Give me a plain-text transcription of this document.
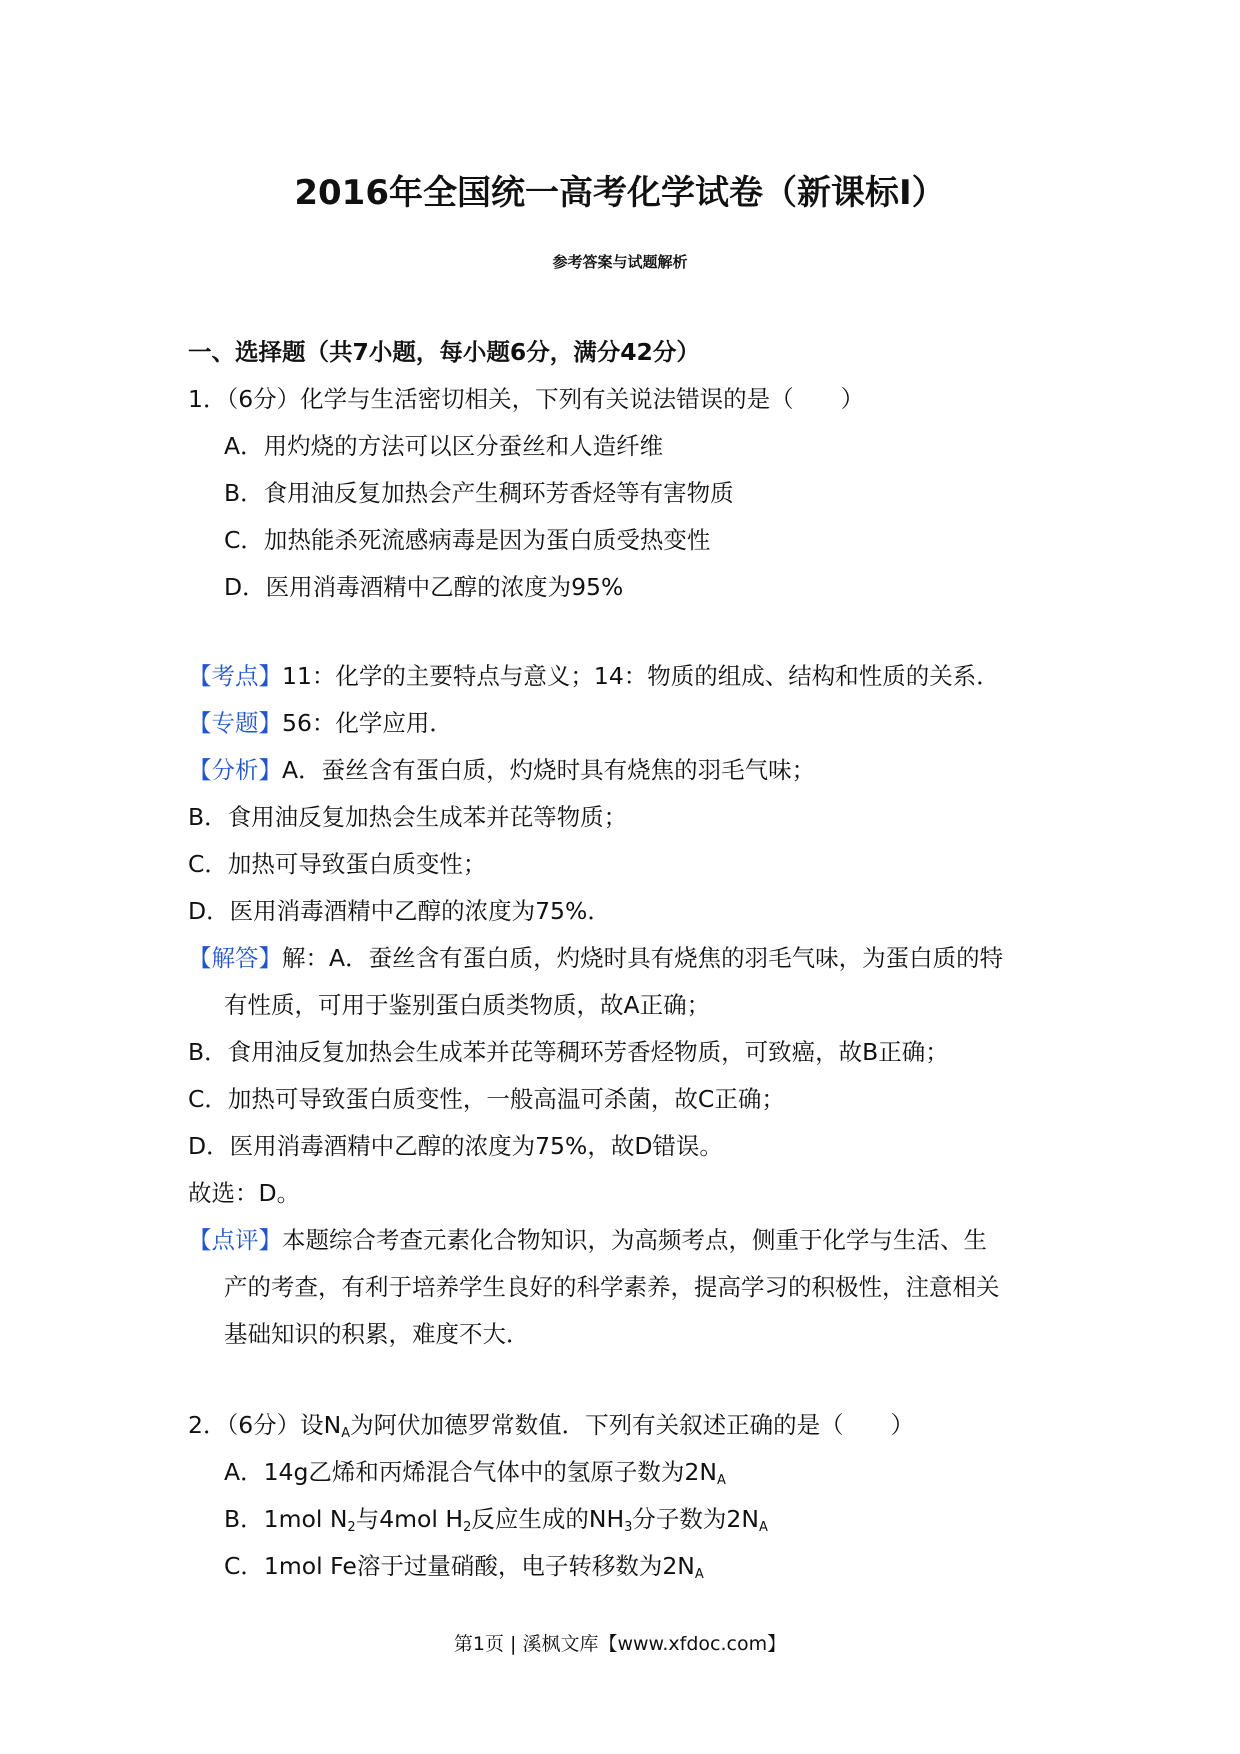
2016年全国统一高考化学试卷（新课标Ⅰ）
参考答案与试题解析
一、选择题（共7小题，每小题6分，满分42分）
1．（6分）化学与生活密切相关，下列有关说法错误的是（　　）
A．用灼烧的方法可以区分蚕丝和人造纤维
B．食用油反复加热会产生稠环芳香烃等有害物质
C．加热能杀死流感病毒是因为蛋白质受热变性
D．医用消毒酒精中乙醇的浓度为95%
【考点】11：化学的主要特点与意义；14：物质的组成、结构和性质的关系．
【专题】56：化学应用．
【分析】A．蚕丝含有蛋白质，灼烧时具有烧焦的羽毛气味；
B．食用油反复加热会生成苯并芘等物质；
C．加热可导致蛋白质变性；
D．医用消毒酒精中乙醇的浓度为75%．
【解答】解：A．蚕丝含有蛋白质，灼烧时具有烧焦的羽毛气味，为蛋白质的特
有性质，可用于鉴别蛋白质类物质，故A正确；
B．食用油反复加热会生成苯并芘等稠环芳香烃物质，可致癌，故B正确；
C．加热可导致蛋白质变性，一般高温可杀菌，故C正确；
D．医用消毒酒精中乙醇的浓度为75%，故D错误。
故选：D。
【点评】本题综合考查元素化合物知识，为高频考点，侧重于化学与生活、生
产的考查，有利于培养学生良好的科学素养，提高学习的积极性，注意相关
基础知识的积累，难度不大．
2．（6分）设$N_A$为阿伏加德罗常数值．下列有关叙述正确的是（　　）
A．14g乙烯和丙烯混合气体中的氢原子数为$2N_A$
B．1mol $N_2$与4mol $H_2$反应生成的$NH_3$分子数为$2N_A$
C．1mol Fe溶于过量硝酸，电子转移数为$2N_A$
第1页 | 溪枫文库【www.xfdoc.com】
